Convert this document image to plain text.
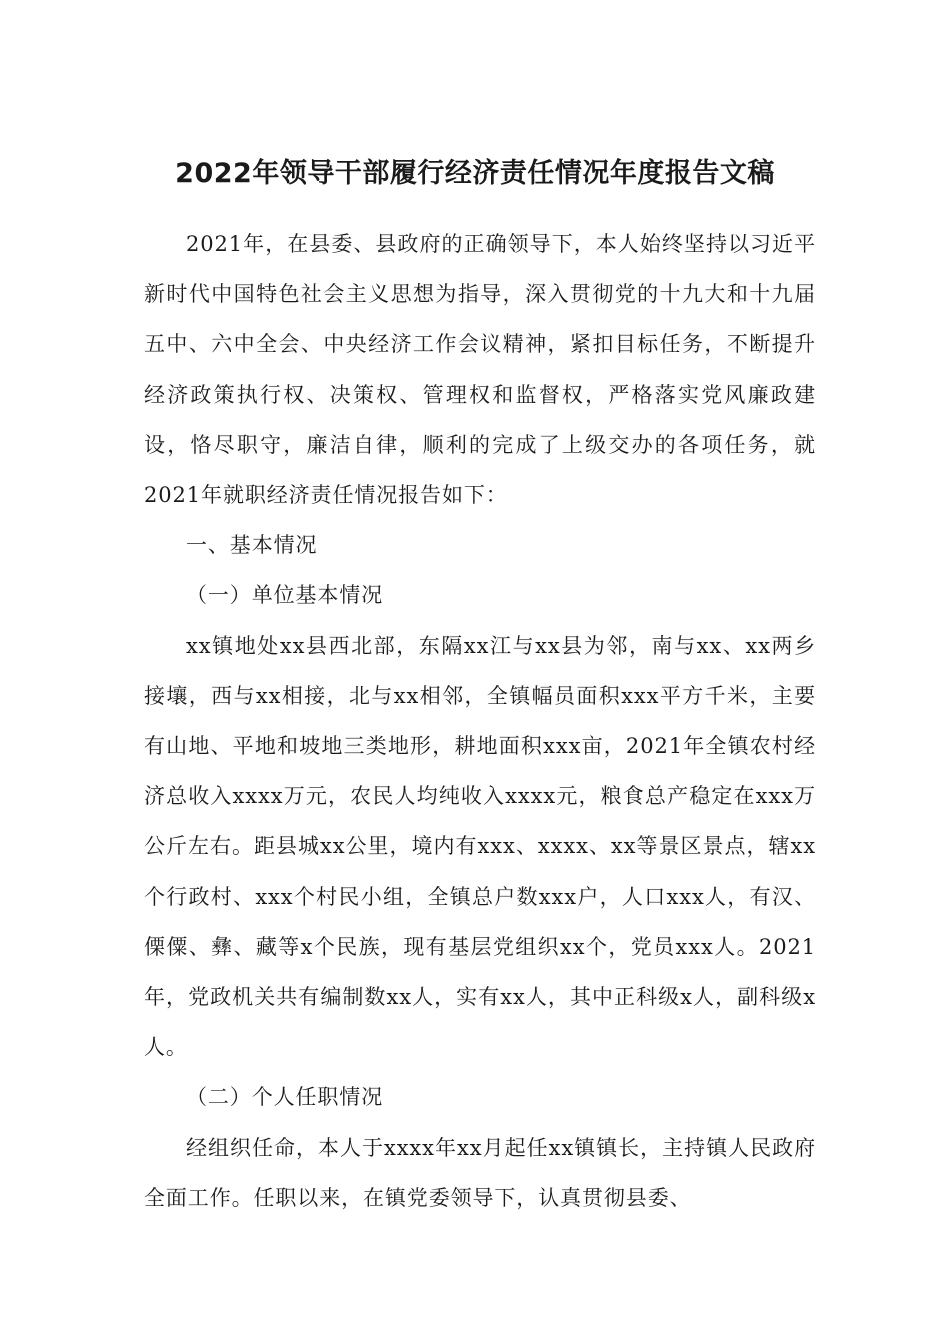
2022年领导干部履行经济责任情况年度报告文稿

2021年，在县委、县政府的正确领导下，本人始终坚持以习近平新时代中国特色社会主义思想为指导，深入贯彻党的十九大和十九届五中、六中全会、中央经济工作会议精神，紧扣目标任务，不断提升经济政策执行权、决策权、管理权和监督权，严格落实党风廉政建设，恪尽职守，廉洁自律，顺利的完成了上级交办的各项任务，就2021年就职经济责任情况报告如下：

一、基本情况

（一）单位基本情况

xx镇地处xx县西北部，东隔xx江与xx县为邻，南与xx、xx两乡接壤，西与xx相接，北与xx相邻，全镇幅员面积xxx平方千米，主要有山地、平地和坡地三类地形，耕地面积xxx亩，2021年全镇农村经济总收入xxxx万元，农民人均纯收入xxxx元，粮食总产稳定在xxx万公斤左右。距县城xx公里，境内有xxx、xxxx、xx等景区景点，辖xx个行政村、xxx个村民小组，全镇总户数xxx户，人口xxx人，有汉、傈僳、彝、藏等x个民族，现有基层党组织xx个，党员xxx人。2021年，党政机关共有编制数xx人，实有xx人，其中正科级x人，副科级x人。

（二）个人任职情况

经组织任命，本人于xxxx年xx月起任xx镇镇长，主持镇人民政府全面工作。任职以来，在镇党委领导下，认真贯彻县委、
